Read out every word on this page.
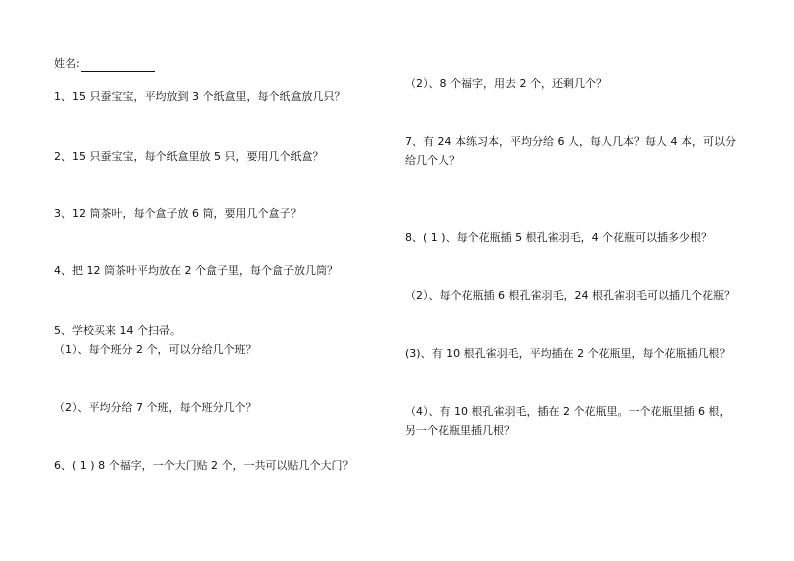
姓名:

1、15 只蚕宝宝，平均放到 3 个纸盒里，每个纸盒放几只？

2、15 只蚕宝宝，每个纸盒里放 5 只，要用几个纸盒？

3、12 筒茶叶，每个盒子放 6 筒，要用几个盒子？

4、把 12 筒茶叶平均放在 2 个盒子里，每个盒子放几筒？

5、学校买来 14 个扫帚。

（1）、每个班分 2 个，可以分给几个班？

（2）、平均分给 7 个班，每个班分几个？

6、( 1 ) 8 个福字，一个大门贴 2 个，一共可以贴几个大门？

（2）、8 个福字，用去 2 个，还剩几个？

7、有 24 本练习本，平均分给 6 人，每人几本？每人 4 本，可以分

给几个人？

8、( 1 )、每个花瓶插 5 根孔雀羽毛，4 个花瓶可以插多少根？

（2）、每个花瓶插 6 根孔雀羽毛，24 根孔雀羽毛可以插几个花瓶？

(3)、有 10 根孔雀羽毛，平均插在 2 个花瓶里，每个花瓶插几根？

（4）、有 10 根孔雀羽毛，插在 2 个花瓶里。一个花瓶里插 6 根，

另一个花瓶里插几根？
